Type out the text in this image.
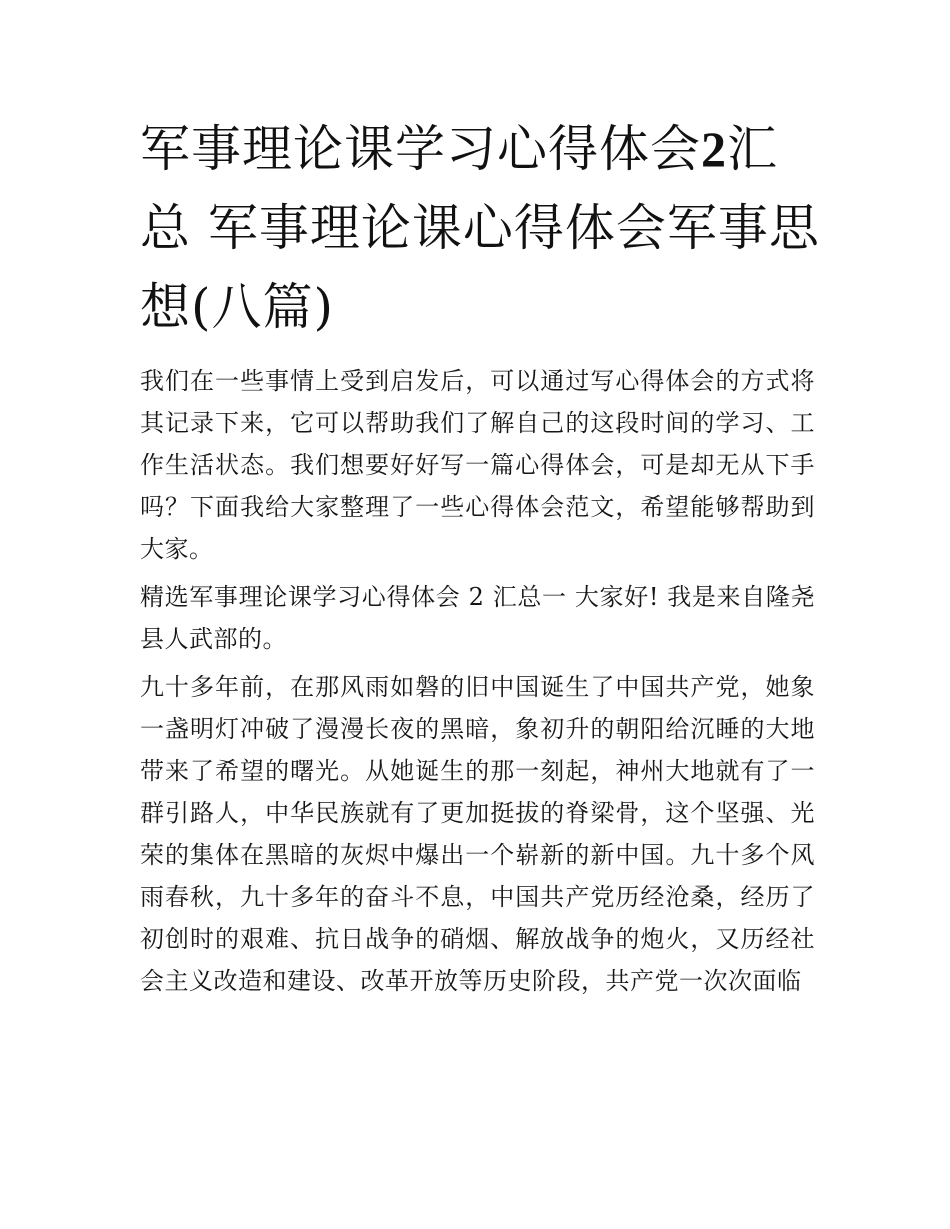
军事理论课学习心得体会2汇总 军事理论课心得体会军事思想(八篇)

我们在一些事情上受到启发后，可以通过写心得体会的方式将其记录下来，它可以帮助我们了解自己的这段时间的学习、工作生活状态。我们想要好好写一篇心得体会，可是却无从下手吗？下面我给大家整理了一些心得体会范文，希望能够帮助到大家。

精选军事理论课学习心得体会 2 汇总一 大家好! 我是来自隆尧县人武部的。

九十多年前，在那风雨如磐的旧中国诞生了中国共产党，她象一盏明灯冲破了漫漫长夜的黑暗，象初升的朝阳给沉睡的大地带来了希望的曙光。从她诞生的那一刻起，神州大地就有了一群引路人，中华民族就有了更加挺拔的脊梁骨，这个坚强、光荣的集体在黑暗的灰烬中爆出一个崭新的新中国。九十多个风雨春秋，九十多年的奋斗不息，中国共产党历经沧桑，经历了初创时的艰难、抗日战争的硝烟、解放战争的炮火，又历经社会主义改造和建设、改革开放等历史阶段，共产党一次次面临
